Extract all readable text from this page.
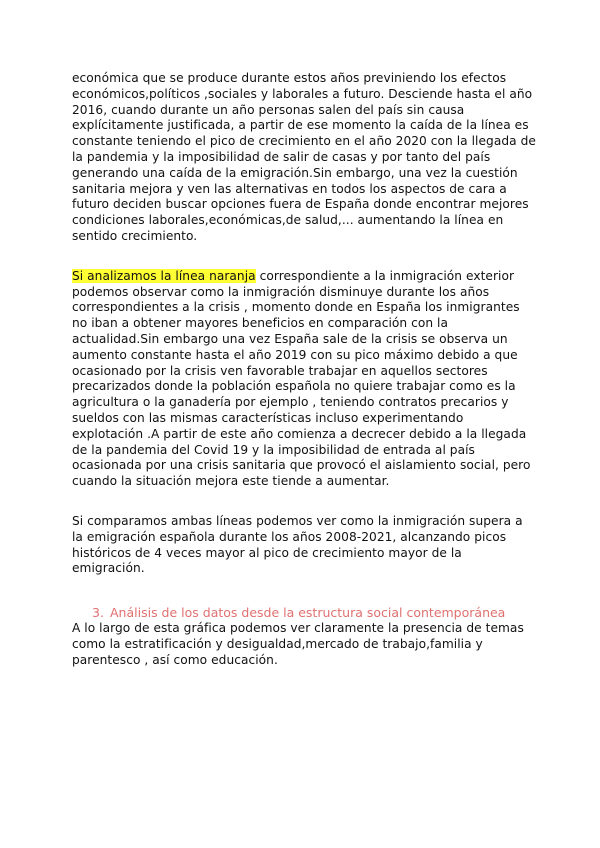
económica que se produce durante estos años previniendo los efectos económicos,políticos ,sociales y laborales a futuro. Desciende hasta el año 2016, cuando durante un año personas salen del país sin causa explícitamente justificada, a partir de ese momento la caída de la línea es constante teniendo el pico de crecimiento en el año 2020 con la llegada de la pandemia y la imposibilidad de salir de casas y por tanto del país generando una caída de la emigración.Sin embargo, una vez la cuestión sanitaria mejora y ven las alternativas en todos los aspectos de cara a futuro deciden buscar opciones fuera de España donde encontrar mejores condiciones laborales,económicas,de salud,... aumentando la línea en sentido crecimiento.

Si analizamos la línea naranja correspondiente a la inmigración exterior podemos observar como la inmigración disminuye durante los años correspondientes a la crisis , momento donde en España los inmigrantes no iban a obtener mayores beneficios en comparación con la actualidad.Sin embargo una vez España sale de la crisis se observa un aumento constante hasta el año 2019 con su pico máximo debido a que ocasionado por la crisis ven favorable trabajar en aquellos sectores precarizados donde la población española no quiere trabajar como es la agricultura o la ganadería por ejemplo , teniendo contratos precarios y sueldos con las mismas características incluso experimentando explotación .A partir de este año comienza a decrecer debido a la llegada de la pandemia del Covid 19 y la imposibilidad de entrada al país ocasionada por una crisis sanitaria que provocó el aislamiento social, pero cuando la situación mejora este tiende a aumentar.

Si comparamos ambas líneas podemos ver como la inmigración supera a la emigración española durante los años 2008-2021, alcanzando picos históricos de 4 veces mayor al pico de crecimiento mayor de la emigración.

3. Análisis de los datos desde la estructura social contemporánea

A lo largo de esta gráfica podemos ver claramente la presencia de temas como la estratificación y desigualdad,mercado de trabajo,familia y parentesco , así como educación.
